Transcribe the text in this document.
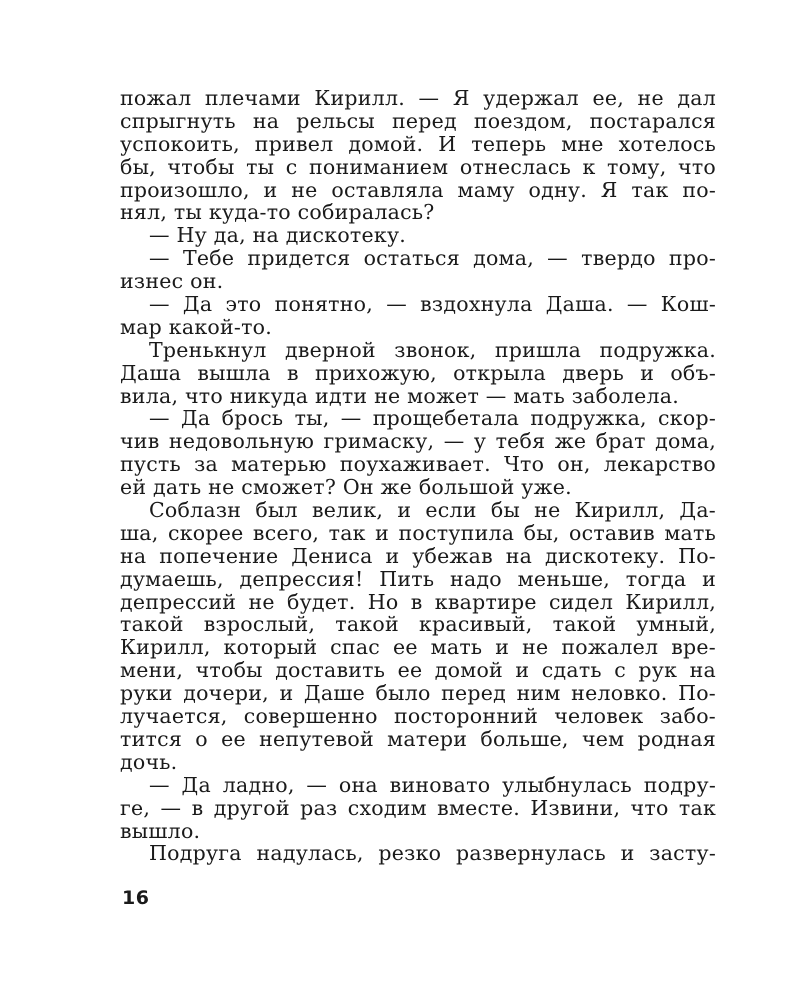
пожал плечами Кирилл. — Я удержал ее, не дал
спрыгнуть на рельсы перед поездом, постарался
успокоить, привел домой. И теперь мне хотелось
бы, чтобы ты с пониманием отнеслась к тому, что
произошло, и не оставляла маму одну. Я так по-
нял, ты куда-то собиралась?
— Ну да, на дискотеку.
— Тебе придется остаться дома, — твердо про-
изнес он.
— Да это понятно, — вздохнула Даша. — Кош-
мар какой-то.
Тренькнул дверной звонок, пришла подружка.
Даша вышла в прихожую, открыла дверь и объ-
вила, что никуда идти не может — мать заболела.
— Да брось ты, — прощебетала подружка, скор-
чив недовольную гримаску, — у тебя же брат дома,
пусть за матерью поухаживает. Что он, лекарство
ей дать не сможет? Он же большой уже.
Соблазн был велик, и если бы не Кирилл, Да-
ша, скорее всего, так и поступила бы, оставив мать
на попечение Дениса и убежав на дискотеку. По-
думаешь, депрессия! Пить надо меньше, тогда и
депрессий не будет. Но в квартире сидел Кирилл,
такой взрослый, такой красивый, такой умный,
Кирилл, который спас ее мать и не пожалел вре-
мени, чтобы доставить ее домой и сдать с рук на
руки дочери, и Даше было перед ним неловко. По-
лучается, совершенно посторонний человек забо-
тится о ее непутевой матери больше, чем родная
дочь.
— Да ладно, — она виновато улыбнулась подру-
ге, — в другой раз сходим вместе. Извини, что так
вышло.
Подруга надулась, резко развернулась и засту-
16
